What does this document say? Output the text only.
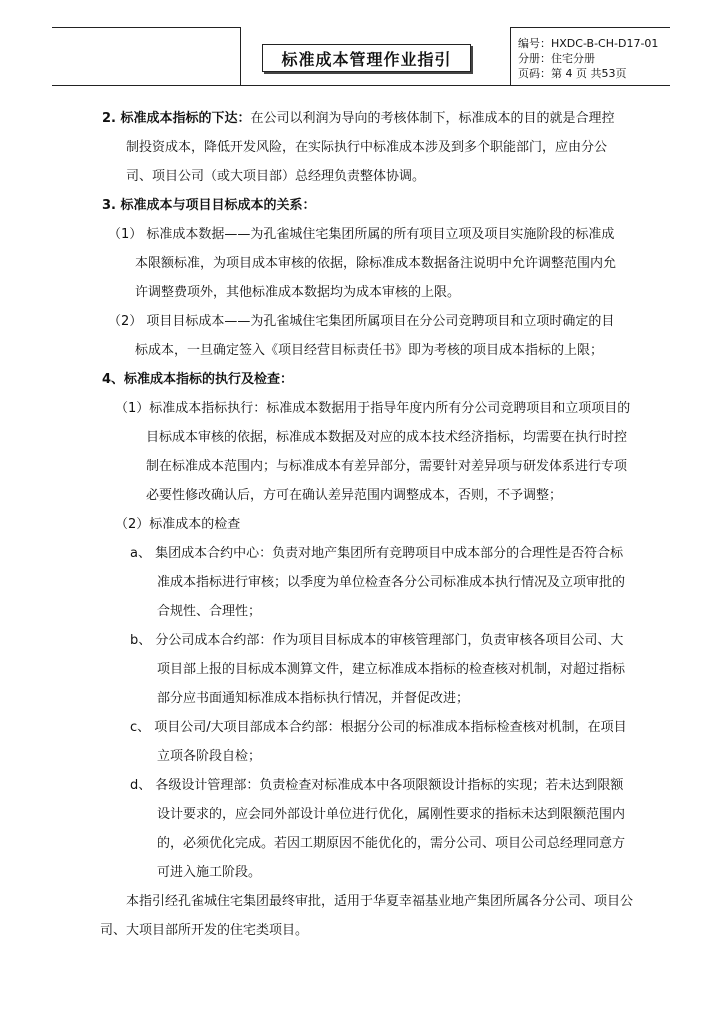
标准成本管理作业指引
编号：HXDC-B-CH-D17-01
分册：住宅分册
页码：第 4 页 共53页
2. 标准成本指标的下达：在公司以利润为导向的考核体制下，标准成本的目的就是合理控
制投资成本，降低开发风险，在实际执行中标准成本涉及到多个职能部门，应由分公
司、项目公司（或大项目部）总经理负责整体协调。
3. 标准成本与项目目标成本的关系：
（1） 标准成本数据——为孔雀城住宅集团所属的所有项目立项及项目实施阶段的标准成
本限额标准，为项目成本审核的依据，除标准成本数据备注说明中允许调整范围内允
许调整费项外，其他标准成本数据均为成本审核的上限。
（2） 项目目标成本——为孔雀城住宅集团所属项目在分公司竞聘项目和立项时确定的目
标成本，一旦确定签入《项目经营目标责任书》即为考核的项目成本指标的上限；
4、标准成本指标的执行及检查：
（1）标准成本指标执行：标准成本数据用于指导年度内所有分公司竞聘项目和立项项目的
目标成本审核的依据，标准成本数据及对应的成本技术经济指标，均需要在执行时控
制在标准成本范围内；与标准成本有差异部分，需要针对差异项与研发体系进行专项
必要性修改确认后，方可在确认差异范围内调整成本，否则，不予调整；
（2）标准成本的检查
a、 集团成本合约中心：负责对地产集团所有竞聘项目中成本部分的合理性是否符合标
准成本指标进行审核；以季度为单位检查各分公司标准成本执行情况及立项审批的
合规性、合理性；
b、 分公司成本合约部：作为项目目标成本的审核管理部门，负责审核各项目公司、大
项目部上报的目标成本测算文件，建立标准成本指标的检查核对机制，对超过指标
部分应书面通知标准成本指标执行情况，并督促改进；
c、 项目公司/大项目部成本合约部：根据分公司的标准成本指标检查核对机制，在项目
立项各阶段自检；
d、 各级设计管理部：负责检查对标准成本中各项限额设计指标的实现；若未达到限额
设计要求的，应会同外部设计单位进行优化，属刚性要求的指标未达到限额范围内
的，必须优化完成。若因工期原因不能优化的，需分公司、项目公司总经理同意方
可进入施工阶段。
本指引经孔雀城住宅集团最终审批，适用于华夏幸福基业地产集团所属各分公司、项目公
司、大项目部所开发的住宅类项目。
